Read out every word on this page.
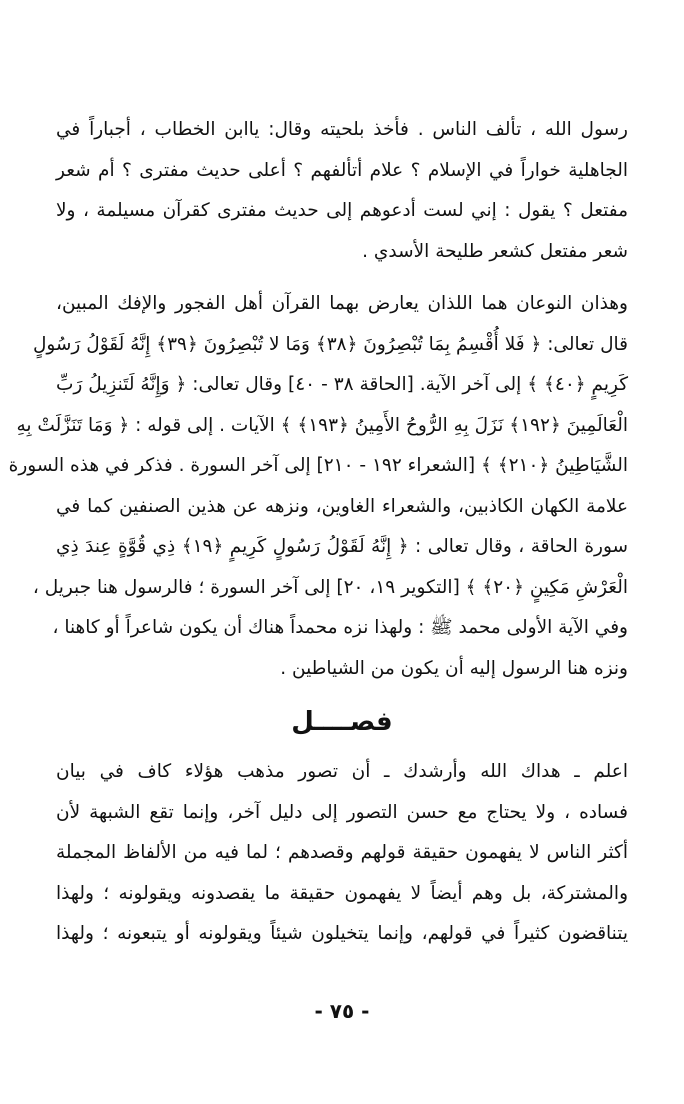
رسول الله ، تألف الناس . فأخذ بلحيته وقال: ياابن الخطاب ، أجباراً في
الجاهلية خواراً في الإسلام ؟ علام أتألفهم ؟ أعلى حديث مفترى ؟ أم شعر
مفتعل ؟ يقول : إني لست أدعوهم إلى حديث مفترى كقرآن مسيلمة ، ولا
شعر مفتعل كشعر طليحة الأسدي .
وهذان النوعان هما اللذان يعارض بهما القرآن أهل الفجور والإفك المبين،
قال تعالى: ﴿ فَلا أُقْسِمُ بِمَا تُبْصِرُونَ ﴿٣٨﴾ وَمَا لا تُبْصِرُونَ ﴿٣٩﴾ إِنَّهُ لَقَوْلُ رَسُولٍ
كَرِيمٍ ﴿٤٠﴾ ﴾ إلى آخر الآية. [الحاقة ٣٨ - ٤٠] وقال تعالى: ﴿ وَإِنَّهُ لَتَنزِيلُ رَبِّ
الْعَالَمِينَ ﴿١٩٢﴾ نَزَلَ بِهِ الرُّوحُ الأَمِينُ ﴿١٩٣﴾ ﴾ الآيات . إلى قوله : ﴿ وَمَا تَنَزَّلَتْ بِهِ
الشَّيَاطِينُ ﴿٢١٠﴾ ﴾ [الشعراء ١٩٢ - ٢١٠] إلى آخر السورة . فذكر في هذه السورة
علامة الكهان الكاذبين، والشعراء الغاوين، ونزهه عن هذين الصنفين كما في
سورة الحاقة ، وقال تعالى : ﴿ إِنَّهُ لَقَوْلُ رَسُولٍ كَرِيمٍ ﴿١٩﴾ ذِي قُوَّةٍ عِندَ ذِي
الْعَرْشِ مَكِينٍ ﴿٢٠﴾ ﴾ [التكوير ١٩، ٢٠] إلى آخر السورة ؛ فالرسول هنا جبريل ،
وفي الآية الأولى محمد ﷺ : ولهذا نزه محمداً هناك أن يكون شاعراً أو كاهنا ،
ونزه هنا الرسول إليه أن يكون من الشياطين .
فصــــل
اعلم ـ هداك الله وأرشدك ـ أن تصور مذهب هؤلاء كاف في بيان
فساده ، ولا يحتاج مع حسن التصور إلى دليل آخر، وإنما تقع الشبهة لأن
أكثر الناس لا يفهمون حقيقة قولهم وقصدهم ؛ لما فيه من الألفاظ المجملة
والمشتركة، بل وهم أيضاً لا يفهمون حقيقة ما يقصدونه ويقولونه ؛ ولهذا
يتناقضون كثيراً في قولهم، وإنما يتخيلون شيئاً ويقولونه أو يتبعونه ؛ ولهذا
- ٧٥ -
